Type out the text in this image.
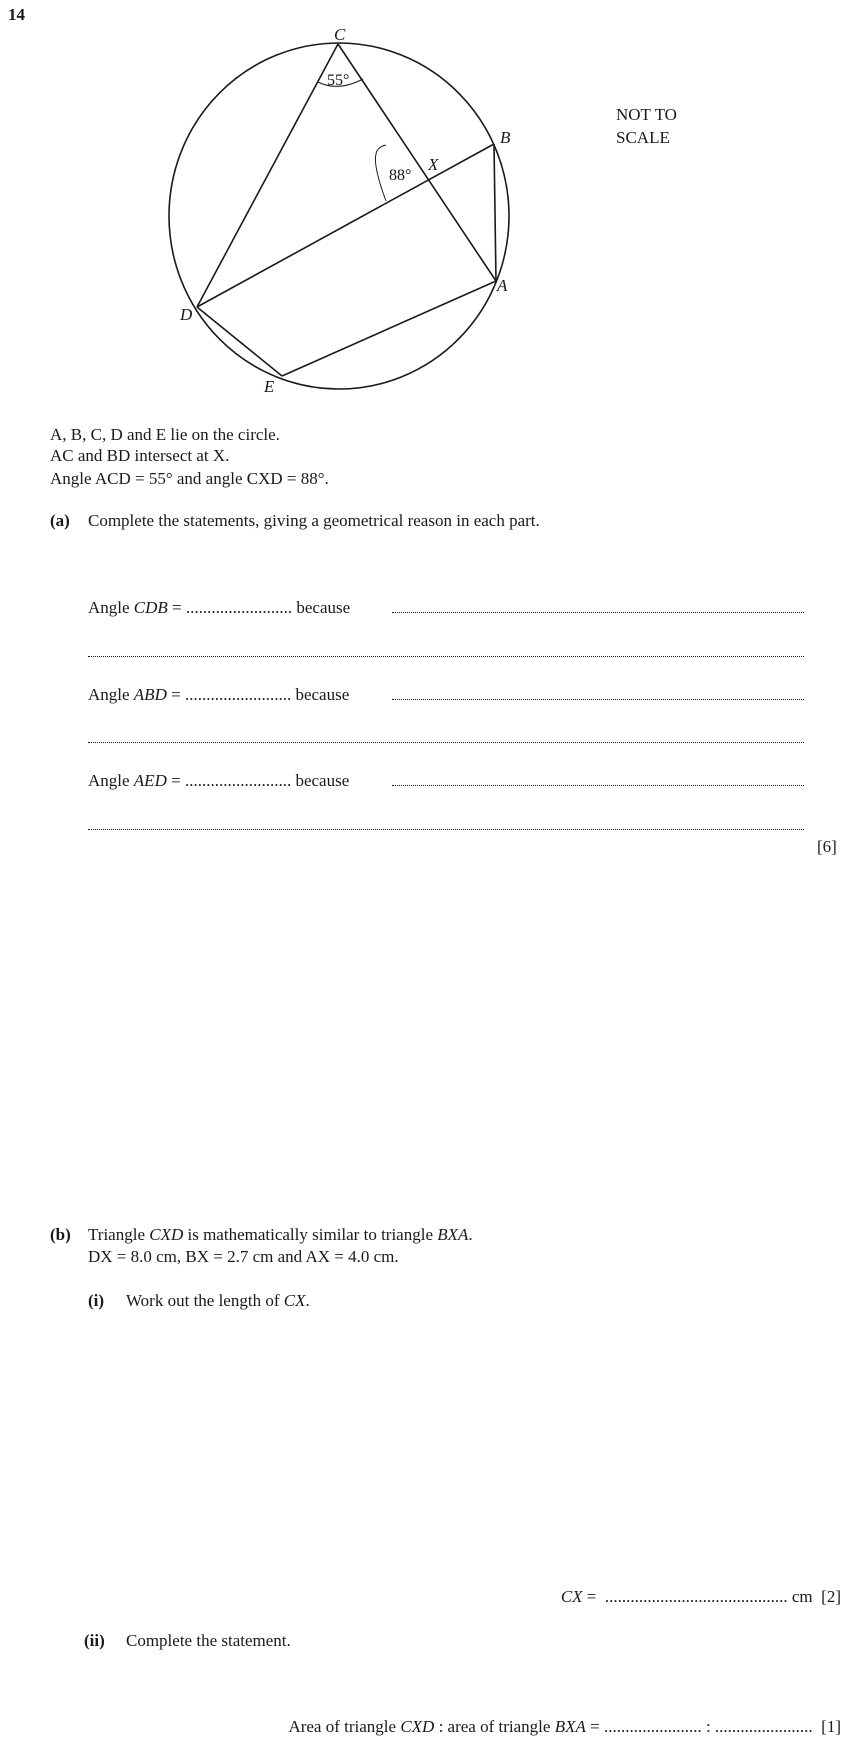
14
C
B
X
A
D
E
55°
88°
NOT TO
SCALE
A, B, C, D and E lie on the circle.
AC and BD intersect at X.
Angle ACD = 55° and angle CXD = 88°.
(a) Complete the statements, giving a geometrical reason in each part.
Angle CDB = ......................... because
Angle ABD = ......................... because
Angle AED = ......................... because
[6]
(b) Triangle CXD is mathematically similar to triangle BXA.
DX = 8.0 cm, BX = 2.7 cm and AX = 4.0 cm.
(i) Work out the length of CX.
CX =  ........................................... cm [2]
(ii) Complete the statement.
Area of triangle CXD : area of triangle BXA = ....................... : ....................... [1]
